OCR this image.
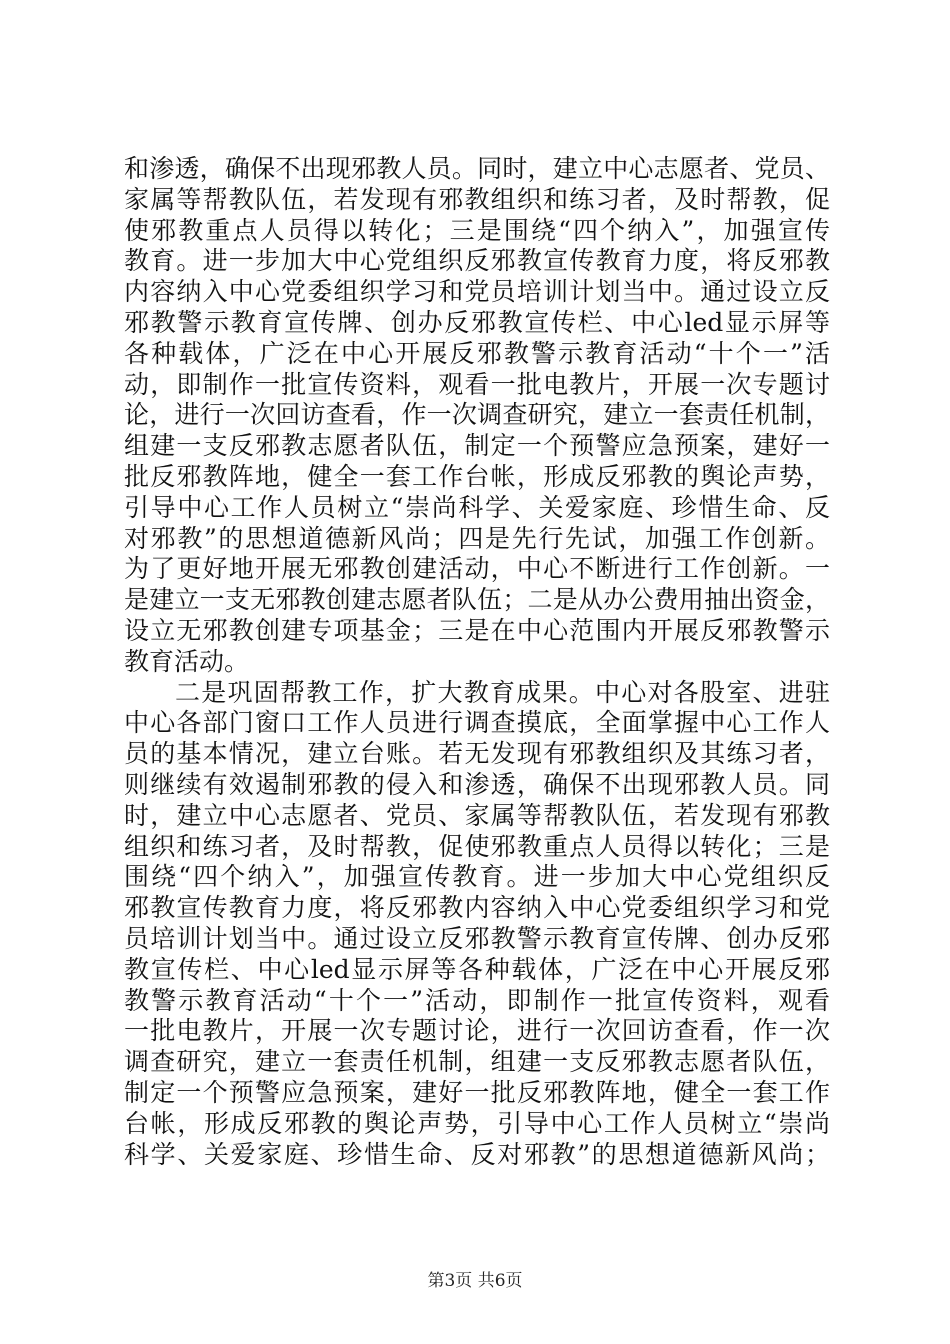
和渗透，确保不出现邪教人员。同时，建立中心志愿者、党员、
家属等帮教队伍，若发现有邪教组织和练习者，及时帮教，促
使邪教重点人员得以转化；三是围绕“四个纳入”，加强宣传
教育。进一步加大中心党组织反邪教宣传教育力度，将反邪教
内容纳入中心党委组织学习和党员培训计划当中。通过设立反
邪教警示教育宣传牌、创办反邪教宣传栏、中心led显示屏等
各种载体，广泛在中心开展反邪教警示教育活动“十个一”活
动，即制作一批宣传资料，观看一批电教片，开展一次专题讨
论，进行一次回访查看，作一次调查研究，建立一套责任机制，
组建一支反邪教志愿者队伍，制定一个预警应急预案，建好一
批反邪教阵地，健全一套工作台帐，形成反邪教的舆论声势，
引导中心工作人员树立“崇尚科学、关爱家庭、珍惜生命、反
对邪教”的思想道德新风尚；四是先行先试，加强工作创新。
为了更好地开展无邪教创建活动，中心不断进行工作创新。一
是建立一支无邪教创建志愿者队伍；二是从办公费用抽出资金，
设立无邪教创建专项基金；三是在中心范围内开展反邪教警示
教育活动。
二是巩固帮教工作，扩大教育成果。中心对各股室、进驻
中心各部门窗口工作人员进行调查摸底，全面掌握中心工作人
员的基本情况，建立台账。若无发现有邪教组织及其练习者，
则继续有效遏制邪教的侵入和渗透，确保不出现邪教人员。同
时，建立中心志愿者、党员、家属等帮教队伍，若发现有邪教
组织和练习者，及时帮教，促使邪教重点人员得以转化；三是
围绕“四个纳入”，加强宣传教育。进一步加大中心党组织反
邪教宣传教育力度，将反邪教内容纳入中心党委组织学习和党
员培训计划当中。通过设立反邪教警示教育宣传牌、创办反邪
教宣传栏、中心led显示屏等各种载体，广泛在中心开展反邪
教警示教育活动“十个一”活动，即制作一批宣传资料，观看
一批电教片，开展一次专题讨论，进行一次回访查看，作一次
调查研究，建立一套责任机制，组建一支反邪教志愿者队伍，
制定一个预警应急预案，建好一批反邪教阵地，健全一套工作
台帐，形成反邪教的舆论声势，引导中心工作人员树立“崇尚
科学、关爱家庭、珍惜生命、反对邪教”的思想道德新风尚；
第3页 共6页
